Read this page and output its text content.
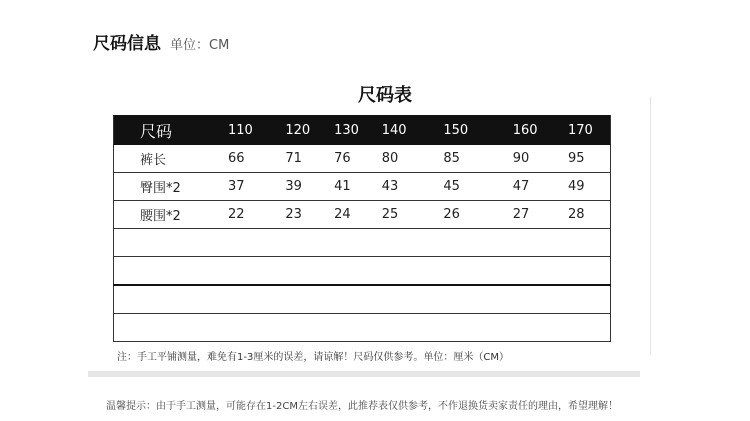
尺码信息 单位：CM
尺码表
尺码	110	120	130	140	150	160	170
裤长	66	71	76	80	85	90	95
臀围*2	37	39	41	43	45	47	49
腰围*2	22	23	24	25	26	27	28

注：手工平铺测量，难免有1-3厘米的误差，请谅解！尺码仅供参考。单位：厘米（CM）
温馨提示：由于手工测量，可能存在1-2CM左右误差，此推荐表仅供参考，不作退换货卖家责任的理由，希望理解！
